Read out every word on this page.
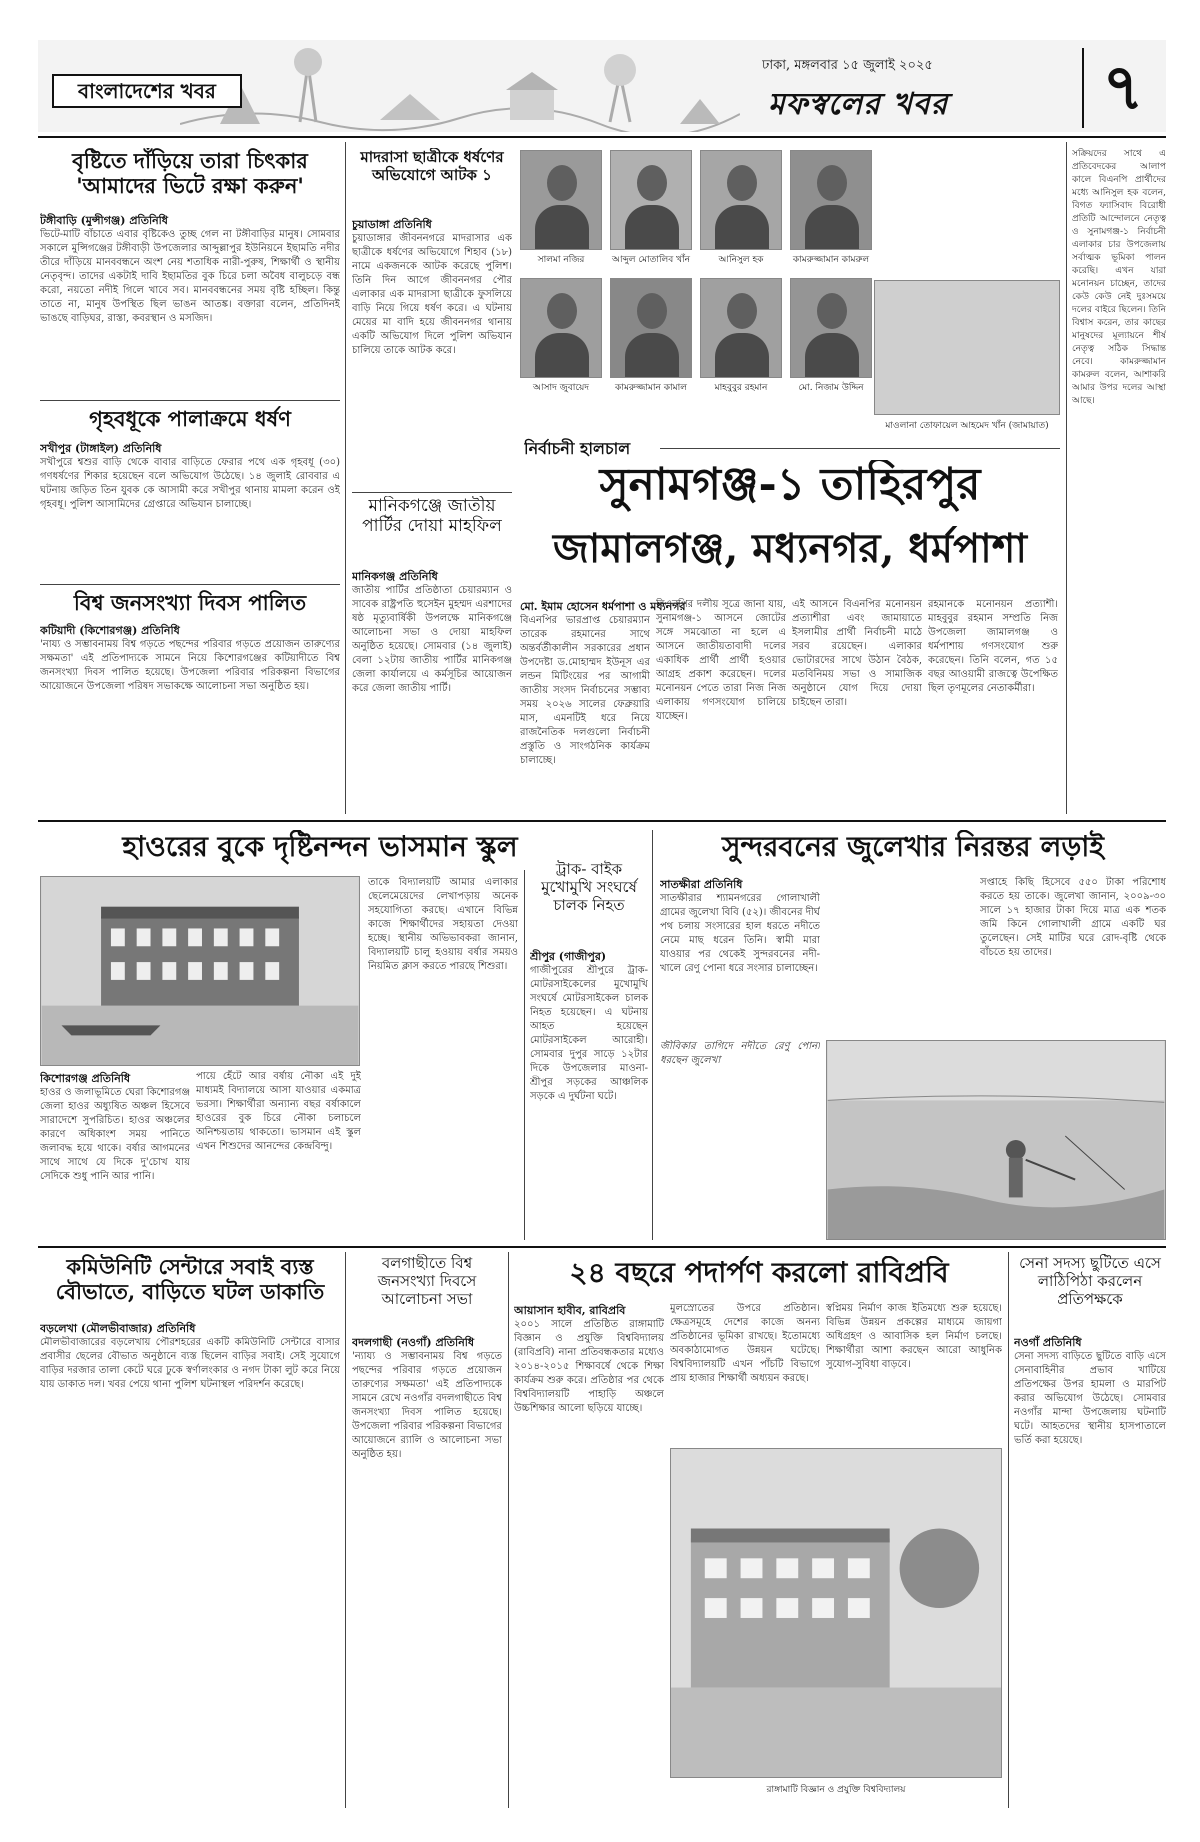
বাংলাদেশের খবর
ঢাকা, মঙ্গলবার ১৫ জুলাই ২০২৫
মফস্বলের খবর	৭
বৃষ্টিতে দাঁড়িয়ে তারা চিৎকার 'আমাদের ভিটে রক্ষা করুন'
টঙ্গীবাড়ি (মুন্সীগঞ্জ) প্রতিনিধি
ভিটে-মাটি বাঁচাতে এবার বৃষ্টিকেও তুচ্ছ গেল না টঙ্গীবাড়ির মানুষ। সোমবার সকালে মুন্সিগঞ্জের টঙ্গীবাড়ী উপজেলার আব্দুল্লাপুর ইউনিয়নে ইছামতি নদীর তীরে দাঁড়িয়ে মানববন্ধনে অংশ নেয় শতাধিক নারী-পুরুষ, শিক্ষার্থী ও স্থানীয় নেতৃবৃন্দ। তাদের একটাই দাবি ইছামতির বুক চিরে চলা অবৈধ বালুচড়ে বন্ধ করো, নয়তো নদীই গিলে খাবে সব। মানববন্ধনের সময় বৃষ্টি হচ্ছিল। কিন্তু তাতে না, মানুষ উপস্থিত ছিল ভাঙন আতঙ্ক। বক্তারা বলেন, প্রতিদিনই ভাঙছে বাড়িঘর, রাস্তা, কবরস্থান ও মসজিদ।
গৃহবধূকে পালাক্রমে ধর্ষণ
সখীপুর (টাঙ্গাইল) প্রতিনিধি
সখীপুরে শ্বশুর বাড়ি থেকে বাবার বাড়িতে ফেরার পথে এক গৃহবধূ (৩০) গণধর্ষণের শিকার হয়েছেন বলে অভিযোগ উঠেছে। ১৪ জুলাই রোববার এ ঘটনায় জড়িত তিন যুবক কে আসামী করে সখীপুর থানায় মামলা করেন ওই গৃহবধূ। পুলিশ আসামিদের গ্রেপ্তারে অভিযান চালাচ্ছে।
বিশ্ব জনসংখ্যা দিবস পালিত
কটিয়াদী (কিশোরগঞ্জ) প্রতিনিধি
'নায্য ও সম্ভাবনাময় বিশ্ব গড়তে পছন্দের পরিবার গড়তে প্রয়োজন তারুণ্যের সক্ষমতা' এই প্রতিপাদ্যকে সামনে নিয়ে কিশোরগঞ্জের কটিয়াদীতে বিশ্ব জনসংখ্যা দিবস পালিত হয়েছে। উপজেলা পরিবার পরিকল্পনা বিভাগের আয়োজনে উপজেলা পরিষদ সভাকক্ষে আলোচনা সভা অনুষ্ঠিত হয়।
মাদরাসা ছাত্রীকে ধর্ষণের অভিযোগে আটক ১
চুয়াডাঙ্গা প্রতিনিধি
চুয়াডাঙ্গার জীবননগরে মাদরাসার এক ছাত্রীকে ধর্ষণের অভিযোগে শিহাব (১৮) নামে একজনকে আটক করেছে পুলিশ। তিনি দিন আগে জীবননগর পৌর এলাকার এক মাদরাসা ছাত্রীকে ফুসলিয়ে বাড়ি নিয়ে গিয়ে ধর্ষণ করে। এ ঘটনায় মেয়ের মা বাদি হয়ে জীবননগর থানায় একটি অভিযোগ দিলে পুলিশ অভিযান চালিয়ে তাকে আটক করে।
মানিকগঞ্জে জাতীয় পার্টির দোয়া মাহফিল
মানিকগঞ্জ প্রতিনিধি
জাতীয় পার্টির প্রতিষ্ঠাতা চেয়ারম্যান ও সাবেক রাষ্ট্রপতি হুসেইন মুহম্মদ এরশাদের ষষ্ঠ মৃত্যুবার্ষিকী উপলক্ষে মানিকগঞ্জে আলোচনা সভা ও দোয়া মাহফিল অনুষ্ঠিত হয়েছে। সোমবার (১৪ জুলাই) বেলা ১২টায় জাতীয় পার্টির মানিকগঞ্জ জেলা কার্যালয়ে এ কর্মসূচির আয়োজন করে জেলা জাতীয় পার্টি।
সালমা নজির	আব্দুল মোতালিব খাঁন	আনিসুল হক	কামরুজ্জামান কামরুল
আসাদ জুবায়েদ	কামরুজ্জামান কামাল	মাহবুবুর রহমান	মো. নিজাম উদ্দিন
মাওলানা তোফায়েল আহমেদ খাঁন (জামায়াত)
সক্রিয়দের সাথে এ প্রতিবেদকের আলাপ কালে বিএনপি প্রার্থীদের মধ্যে আনিসুল হক বলেন, বিগত ফ্যাসিবাদ বিরোধী প্রতিটি আন্দোলনে নেতৃত্ব ও সুনামগঞ্জ-১ নির্বাচনী এলাকার চার উপজেলায় সর্বাত্মক ভূমিকা পালন করেছি। এখন যারা মনোনয়ন চাচ্ছেন, তাদের কেউ কেউ নেই দুঃসময়ে দলের বাইরে ছিলেন। তিনি বিশ্বাস করেন, তার কাছের মানুষদের মূল্যায়নে শীর্ষ নেতৃত্ব সঠিক সিদ্ধান্ত নেবে। কামরুজ্জামান কামরুল বলেন, আশাকরি আমার উপর দলের আস্থা আছে।
নির্বাচনী হালচাল
সুনামগঞ্জ-১ তাহিরপুর
জামালগঞ্জ, মধ্যনগর, ধর্মপাশা
মো. ইমাম হোসেন ধর্মপাশা ও মধ্যনগর
বিএনপির ভারপ্রাপ্ত চেয়ারম্যান তারেক রহমানের সাথে অন্তর্বর্তীকালীন সরকারের প্রধান উপদেষ্টা ড.মোহাম্মদ ইউনূস এর লন্ডন মিটিংয়ের পর আগামী জাতীয় সংসদ নির্বাচনের সম্ভাব্য সময় ২০২৬ সালের ফেব্রুয়ারি মাস, এমনটিই ধরে নিয়ে রাজনৈতিক দলগুলো নির্বাচনী প্রস্তুতি ও সাংগঠনিক কার্যক্রম চালাচ্ছে।
বিএনপির দলীয় সূত্রে জানা যায়, সুনামগঞ্জ-১ আসনে জোটের সঙ্গে সমঝোতা না হলে এ আসনে জাতীয়তাবাদী দলের একাধিক প্রার্থী প্রার্থী হওয়ার আগ্রহ প্রকাশ করেছেন। দলের মনোনয়ন পেতে তারা নিজ নিজ এলাকায় গণসংযোগ চালিয়ে যাচ্ছেন।
এই আসনে বিএনপির মনোনয়ন প্রত্যাশীরা এবং জামায়াতে ইসলামীর প্রার্থী নির্বাচনী মাঠে সরব রয়েছেন। এলাকার ভোটারদের সাথে উঠান বৈঠক, মতবিনিময় সভা ও সামাজিক অনুষ্ঠানে যোগ দিয়ে দোয়া চাইছেন তারা।
রহমানকে মনোনয়ন প্রত্যাশী। মাহবুবুর রহমান সম্প্রতি নিজ উপজেলা জামালগঞ্জ ও ধর্মপাশায় গণসংযোগ শুরু করেছেন। তিনি বলেন, গত ১৫ বছর আওয়ামী রাজত্বে উপেক্ষিত ছিল তৃণমূলের নেতাকর্মীরা।
হাওরের বুকে দৃষ্টিনন্দন ভাসমান স্কুল
কিশোরগঞ্জ প্রতিনিধি
হাওর ও জলাভূমিতে ঘেরা কিশোরগঞ্জ জেলা হাওর অধ্যুষিত অঞ্চল হিসেবে সারাদেশে সুপরিচিত। হাওর অঞ্চলের কারণে অধিকাংশ সময় পানিতে জলাবদ্ধ হয়ে থাকে। বর্ষার আগমনের সাথে সাথে যে দিকে দু'চোখ যায় সেদিকে শুধু পানি আর পানি।
পায়ে হেঁটে আর বর্ষায় নৌকা এই দুই মাধ্যমই বিদ্যালয়ে আসা যাওয়ার একমাত্র ভরসা। শিক্ষার্থীরা অন্যান্য বছর বর্ষাকালে হাওরের বুক চিরে নৌকা চলাচলে অনিশ্চয়তায় থাকতো। ভাসমান এই স্কুল এখন শিশুদের আনন্দের কেন্দ্রবিন্দু।
তাকে বিদ্যালয়টি আমার এলাকার ছেলেমেয়েদের লেখাপড়ায় অনেক সহযোগিতা করছে। এখানে বিভিন্ন কাজে শিক্ষার্থীদের সহায়তা দেওয়া হচ্ছে। স্থানীয় অভিভাবকরা জানান, বিদ্যালয়টি চালু হওয়ায় বর্ষার সময়ও নিয়মিত ক্লাস করতে পারছে শিশুরা।
ট্রাক- বাইক মুখোমুখি সংঘর্ষে চালক নিহত
শ্রীপুর (গাজীপুর)
গাজীপুরের শ্রীপুরে ট্রাক-মোটরসাইকেলের মুখোমুখি সংঘর্ষে মোটরসাইকেল চালক নিহত হয়েছেন। এ ঘটনায় আহত হয়েছেন মোটরসাইকেল আরোহী। সোমবার দুপুর সাড়ে ১২টার দিকে উপজেলার মাওনা-শ্রীপুর সড়কের আঞ্চলিক সড়কে এ দুর্ঘটনা ঘটে।
সুন্দরবনের জুলেখার নিরন্তর লড়াই
সাতক্ষীরা প্রতিনিধি
সাতক্ষীরার শ্যামনগরের গোলাখালী গ্রামের জুলেখা বিবি (৫২)। জীবনের দীর্ঘ পথ চলায় সংসারের হাল ধরতে নদীতে নেমে মাছ ধরেন তিনি। স্বামী মারা যাওয়ার পর থেকেই সুন্দরবনের নদী-খালে রেণু পোনা ধরে সংসার চালাচ্ছেন।
সপ্তাহে কিছি হিসেবে ৫৫০ টাকা পরিশোধ করতে হয় তাকে। জুলেখা জানান, ২০০৯-৩০ সালে ১৭ হাজার টাকা দিয়ে মাত্র এক শতক জমি কিনে গোলাখালী গ্রামে একটি ঘর তুলেছেন। সেই মাটির ঘরে রোদ-বৃষ্টি থেকে বাঁচতে হয় তাদের।
জীবিকার তাগিদে নদীতে রেণু পোনা ধরছেন জুলেখা
কমিউনিটি সেন্টারে সবাই ব্যস্ত বৌভাতে, বাড়িতে ঘটল ডাকাতি
বড়লেখা (মৌলভীবাজার) প্রতিনিধি
মৌলভীবাজারের বড়লেখায় পৌরশহরের একটি কমিউনিটি সেন্টারে বাসার প্রবাসীর ছেলের বৌভাত অনুষ্ঠানে ব্যস্ত ছিলেন বাড়ির সবাই। সেই সুযোগে বাড়ির দরজার তালা কেটে ঘরে ঢুকে স্বর্ণালংকার ও নগদ টাকা লুট করে নিয়ে যায় ডাকাত দল। খবর পেয়ে থানা পুলিশ ঘটনাস্থল পরিদর্শন করেছে।
বলগাছীতে বিশ্ব জনসংখ্যা দিবসে আলোচনা সভা
বদলগাছী (নওগাঁ) প্রতিনিধি
'ন্যায্য ও সম্ভাবনাময় বিশ্ব গড়তে পছন্দের পরিবার গড়তে প্রয়োজন তারুণ্যের সক্ষমতা' এই প্রতিপাদ্যকে সামনে রেখে নওগাঁর বদলগাছীতে বিশ্ব জনসংখ্যা দিবস পালিত হয়েছে। উপজেলা পরিবার পরিকল্পনা বিভাগের আয়োজনে র‍্যালি ও আলোচনা সভা অনুষ্ঠিত হয়।
২৪ বছরে পদার্পণ করলো রাবিপ্রবি
আয়াসান হাবীব, রাবিপ্রবি
২০০১ সালে প্রতিষ্ঠিত রাঙ্গামাটি বিজ্ঞান ও প্রযুক্তি বিশ্ববিদ্যালয় (রাবিপ্রবি) নানা প্রতিবন্ধকতার মধ্যেও ২০১৪-২০১৫ শিক্ষাবর্ষে থেকে শিক্ষা কার্যক্রম শুরু করে। প্রতিষ্ঠার পর থেকে বিশ্ববিদ্যালয়টি পাহাড়ি অঞ্চলে উচ্চশিক্ষার আলো ছড়িয়ে যাচ্ছে।
মুলস্রোতের উপরে প্রতিষ্ঠান। ক্ষেত্রসমূহে দেশের কাজে অনন্য প্রতিষ্ঠানের ভূমিকা রাখছে। ইতোমধ্যে অবকাঠামোগত উন্নয়ন ঘটেছে। বিশ্ববিদ্যালয়টি এখন পাঁচটি বিভাগে প্রায় হাজার শিক্ষার্থী অধ্যয়ন করছে।
স্বপ্নিময় নির্মাণ কাজ ইতিমধ্যে শুরু হয়েছে। বিভিন্ন উন্নয়ন প্রকল্পের মাধ্যমে জায়গা অধিগ্রহণ ও আবাসিক হল নির্মাণ চলছে। শিক্ষার্থীরা আশা করছেন আরো আধুনিক সুযোগ-সুবিধা বাড়বে।
রাঙ্গামাটি বিজ্ঞান ও প্রযুক্তি বিশ্ববিদ্যালয়
সেনা সদস্য ছুটিতে এসে লাঠিপিঠা করলেন প্রতিপক্ষকে
নওগাঁ প্রতিনিধি
সেনা সদস্য বাড়িতে ছুটিতে বাড়ি এসে সেনাবাহিনীর প্রভাব খাটিয়ে প্রতিপক্ষের উপর হামলা ও মারপিট করার অভিযোগ উঠেছে। সোমবার নওগাঁর মান্দা উপজেলায় ঘটনাটি ঘটে। আহতদের স্থানীয় হাসপাতালে ভর্তি করা হয়েছে।
